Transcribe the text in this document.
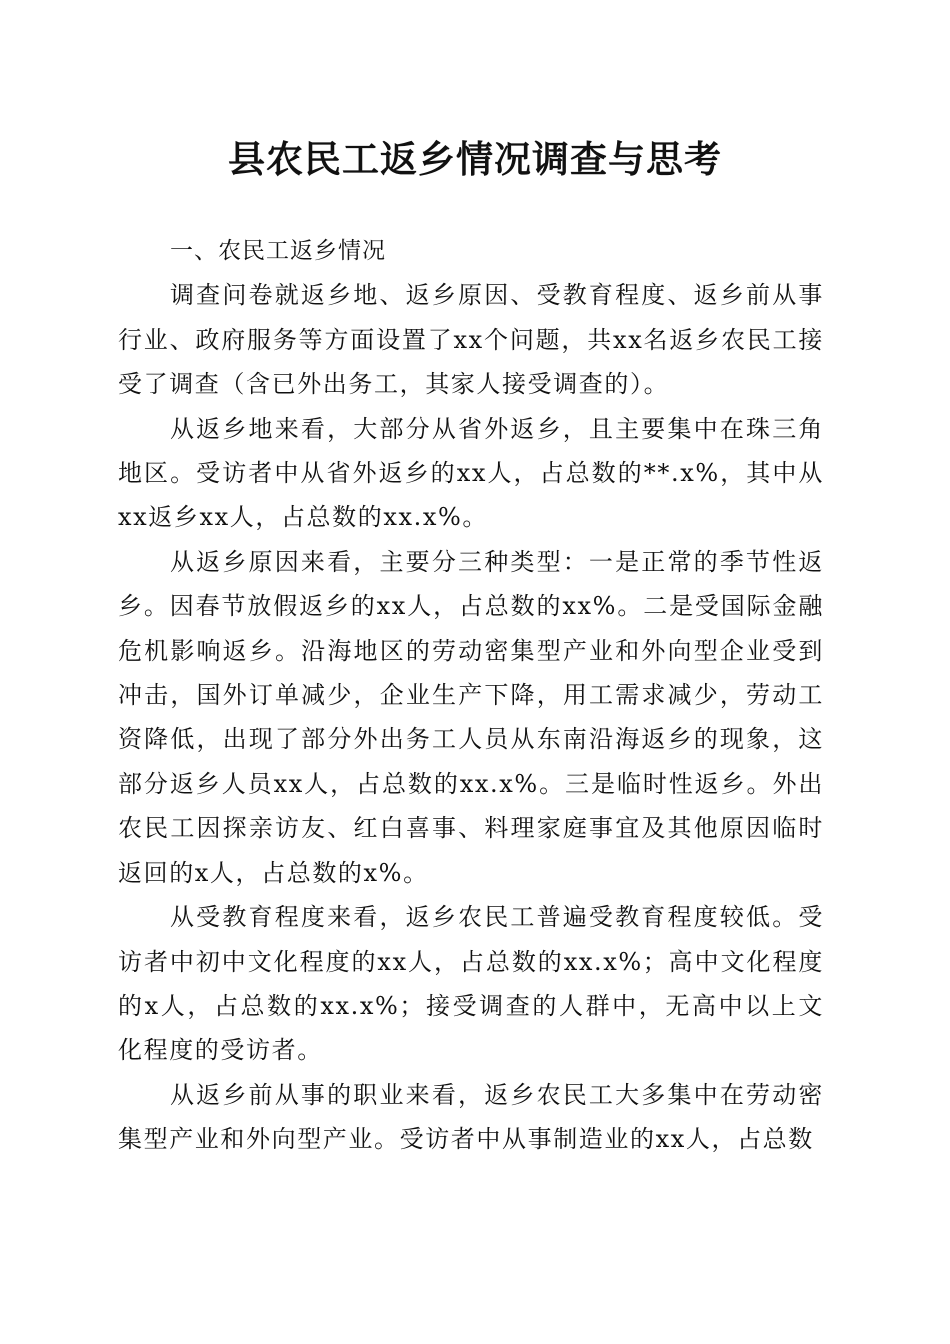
县农民工返乡情况调查与思考
一、农民工返乡情况

调查问卷就返乡地、返乡原因、受教育程度、返乡前从事行业、政府服务等方面设置了xx个问题，共xx名返乡农民工接受了调查（含已外出务工，其家人接受调查的）。

从返乡地来看，大部分从省外返乡，且主要集中在珠三角地区。受访者中从省外返乡的xx人，占总数的**.x%，其中从xx返乡xx人，占总数的xx.x%。

从返乡原因来看，主要分三种类型：一是正常的季节性返乡。因春节放假返乡的xx人，占总数的xx%。二是受国际金融危机影响返乡。沿海地区的劳动密集型产业和外向型企业受到冲击，国外订单减少，企业生产下降，用工需求减少，劳动工资降低，出现了部分外出务工人员从东南沿海返乡的现象，这部分返乡人员xx人，占总数的xx.x%。三是临时性返乡。外出农民工因探亲访友、红白喜事、料理家庭事宜及其他原因临时返回的x人，占总数的x%。

从受教育程度来看，返乡农民工普遍受教育程度较低。受访者中初中文化程度的xx人，占总数的xx.x%；高中文化程度的x人，占总数的xx.x%；接受调查的人群中，无高中以上文化程度的受访者。

从返乡前从事的职业来看，返乡农民工大多集中在劳动密集型产业和外向型产业。受访者中从事制造业的xx人，占总数
